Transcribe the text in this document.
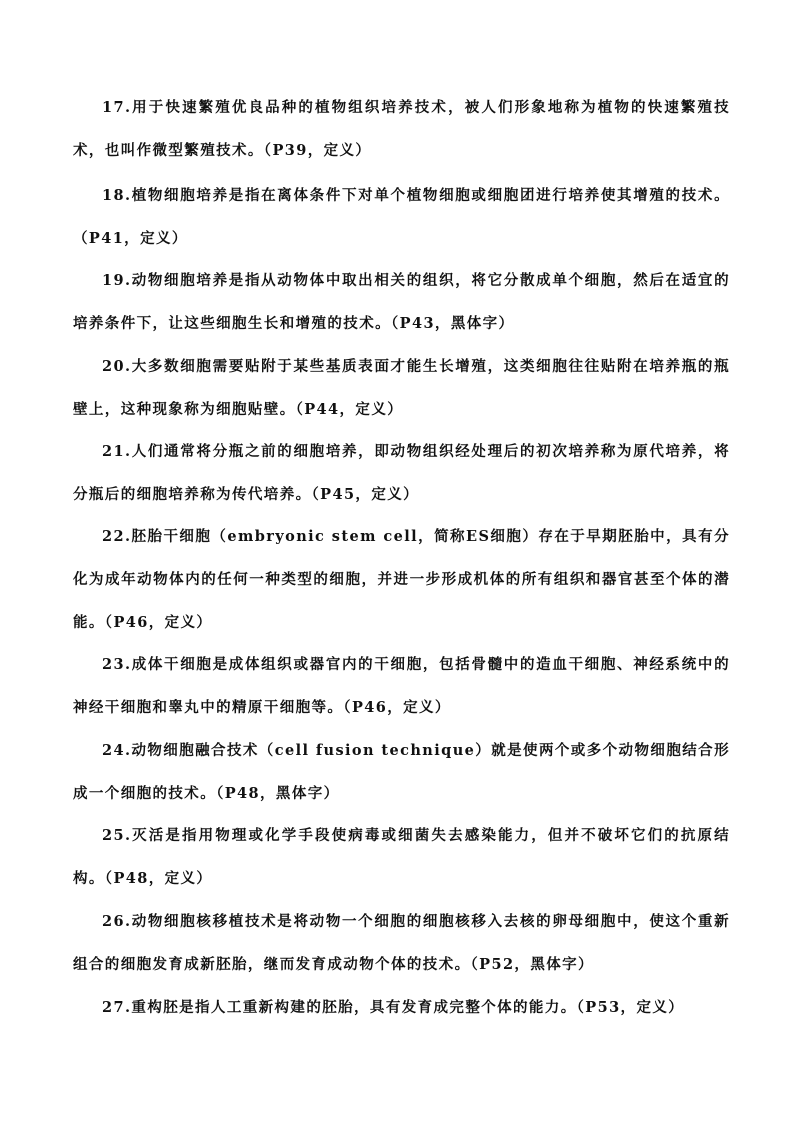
17.用于快速繁殖优良品种的植物组织培养技术，被人们形象地称为植物的快速繁殖技术，也叫作微型繁殖技术。（P39，定义）

18.植物细胞培养是指在离体条件下对单个植物细胞或细胞团进行培养使其增殖的技术。（P41，定义）

19.动物细胞培养是指从动物体中取出相关的组织，将它分散成单个细胞，然后在适宜的培养条件下，让这些细胞生长和增殖的技术。（P43，黑体字）

20.大多数细胞需要贴附于某些基质表面才能生长增殖，这类细胞往往贴附在培养瓶的瓶壁上，这种现象称为细胞贴壁。（P44，定义）

21.人们通常将分瓶之前的细胞培养，即动物组织经处理后的初次培养称为原代培养，将分瓶后的细胞培养称为传代培养。（P45，定义）

22.胚胎干细胞（embryonic stem cell，简称ES细胞）存在于早期胚胎中，具有分化为成年动物体内的任何一种类型的细胞，并进一步形成机体的所有组织和器官甚至个体的潜能。（P46，定义）

23.成体干细胞是成体组织或器官内的干细胞，包括骨髓中的造血干细胞、神经系统中的神经干细胞和睾丸中的精原干细胞等。（P46，定义）

24.动物细胞融合技术（cell fusion technique）就是使两个或多个动物细胞结合形成一个细胞的技术。（P48，黑体字）

25.灭活是指用物理或化学手段使病毒或细菌失去感染能力，但并不破坏它们的抗原结构。（P48，定义）

26.动物细胞核移植技术是将动物一个细胞的细胞核移入去核的卵母细胞中，使这个重新组合的细胞发育成新胚胎，继而发育成动物个体的技术。（P52，黑体字）

27.重构胚是指人工重新构建的胚胎，具有发育成完整个体的能力。（P53，定义）
